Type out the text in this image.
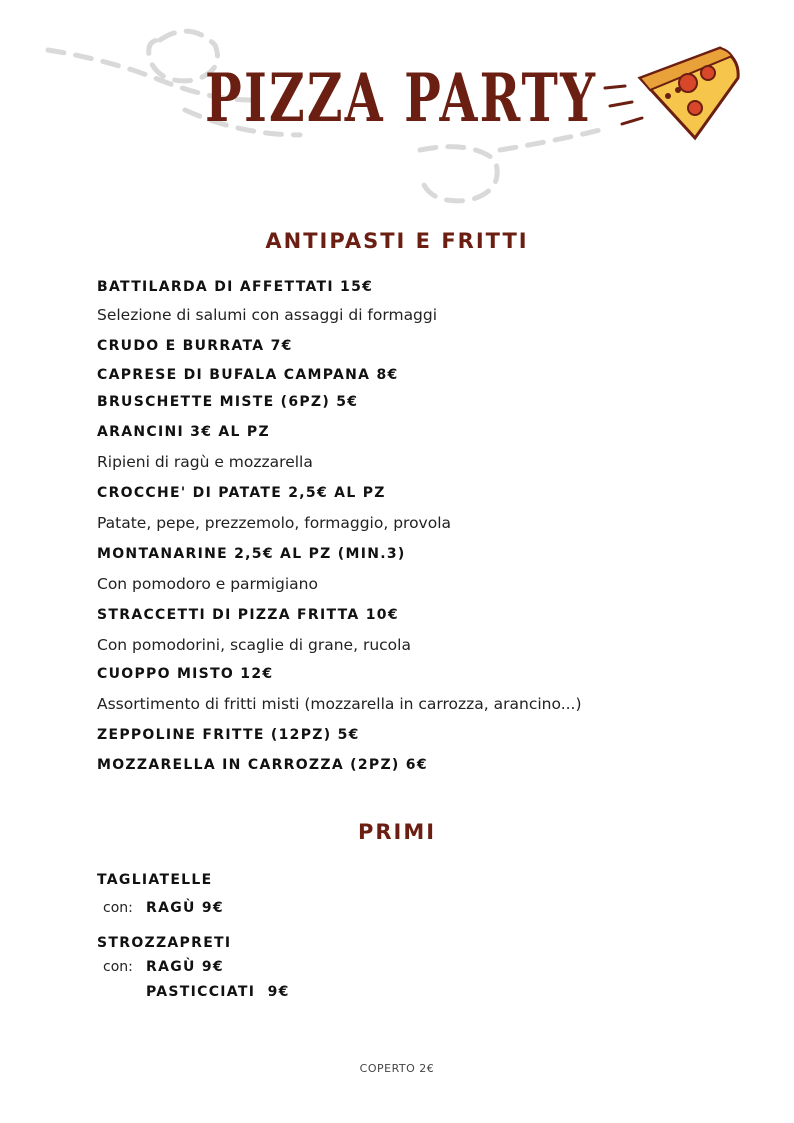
PIZZA PARTY
ANTIPASTI E FRITTI
BATTILARDA DI AFFETTATI 15€
Selezione di salumi con assaggi di formaggi
CRUDO E BURRATA 7€
CAPRESE DI BUFALA CAMPANA 8€
BRUSCHETTE MISTE (6PZ) 5€
ARANCINI 3€ AL PZ
Ripieni di ragù e mozzarella
CROCCHE' DI PATATE 2,5€ AL PZ
Patate, pepe, prezzemolo, formaggio, provola
MONTANARINE 2,5€ AL PZ (MIN.3)
Con pomodoro e parmigiano
STRACCETTI DI PIZZA FRITTA 10€
Con pomodorini, scaglie di grane, rucola
CUOPPO MISTO 12€
Assortimento di fritti misti (mozzarella in carrozza, arancino...)
ZEPPOLINE FRITTE (12PZ) 5€
MOZZARELLA IN CARROZZA (2PZ) 6€
PRIMI
TAGLIATELLE
con: RAGÙ 9€
STROZZAPRETI
con: RAGÙ 9€
PASTICCIATI  9€
COPERTO 2€
